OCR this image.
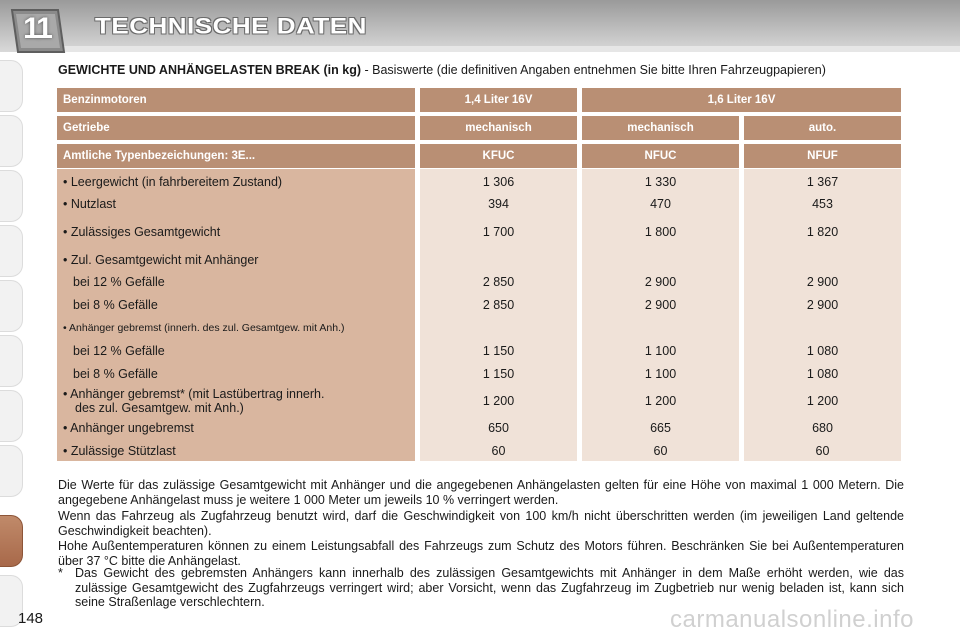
11	TECHNISCHE DATEN
GEWICHTE UND ANHÄNGELASTEN BREAK (in kg) - Basiswerte (die definitiven Angaben entnehmen Sie bitte Ihren Fahrzeugpapieren)
Benzinmotoren	1,4 Liter 16V	1,6 Liter 16V
Getriebe	mechanisch	mechanisch	auto.
Amtliche Typenbezeichungen: 3E...	KFUC	NFUC	NFUF
• Leergewicht (in fahrbereitem Zustand)	1 306	1 330	1 367
• Nutzlast	394	470	453
• Zulässiges Gesamtgewicht	1 700	1 800	1 820
• Zul. Gesamtgewicht mit Anhänger
bei 12 % Gefälle	2 850	2 900	2 900
bei 8 % Gefälle	2 850	2 900	2 900
• Anhänger gebremst (innerh. des zul. Gesamtgew. mit Anh.)
bei 12 % Gefälle	1 150	1 100	1 080
bei 8 % Gefälle	1 150	1 100	1 080
• Anhänger gebremst* (mit Lastübertrag innerh.
des zul. Gesamtgew. mit Anh.)	1 200	1 200	1 200
• Anhänger ungebremst	650	665	680
• Zulässige Stützlast	60	60	60
Die Werte für das zulässige Gesamtgewicht mit Anhänger und die angegebenen Anhängelasten gelten für eine Höhe von maximal 1 000 Metern. Die angegebene Anhängelast muss je weitere 1 000 Meter um jeweils 10 % verringert werden.
Wenn das Fahrzeug als Zugfahrzeug benutzt wird, darf die Geschwindigkeit von 100 km/h nicht überschritten werden (im jeweiligen Land geltende Geschwindigkeit beachten).
Hohe Außentemperaturen können zu einem Leistungsabfall des Fahrzeugs zum Schutz des Motors führen. Beschränken Sie bei Außentemperaturen über 37 °C bitte die Anhängelast.
* Das Gewicht des gebremsten Anhängers kann innerhalb des zulässigen Gesamtgewichts mit Anhänger in dem Maße erhöht werden, wie das zulässige Gesamtgewicht des Zugfahrzeugs verringert wird; aber Vorsicht, wenn das Zugfahrzeug im Zugbetrieb nur wenig beladen ist, kann sich seine Straßenlage verschlechtern.
148	carmanualsonline.info
